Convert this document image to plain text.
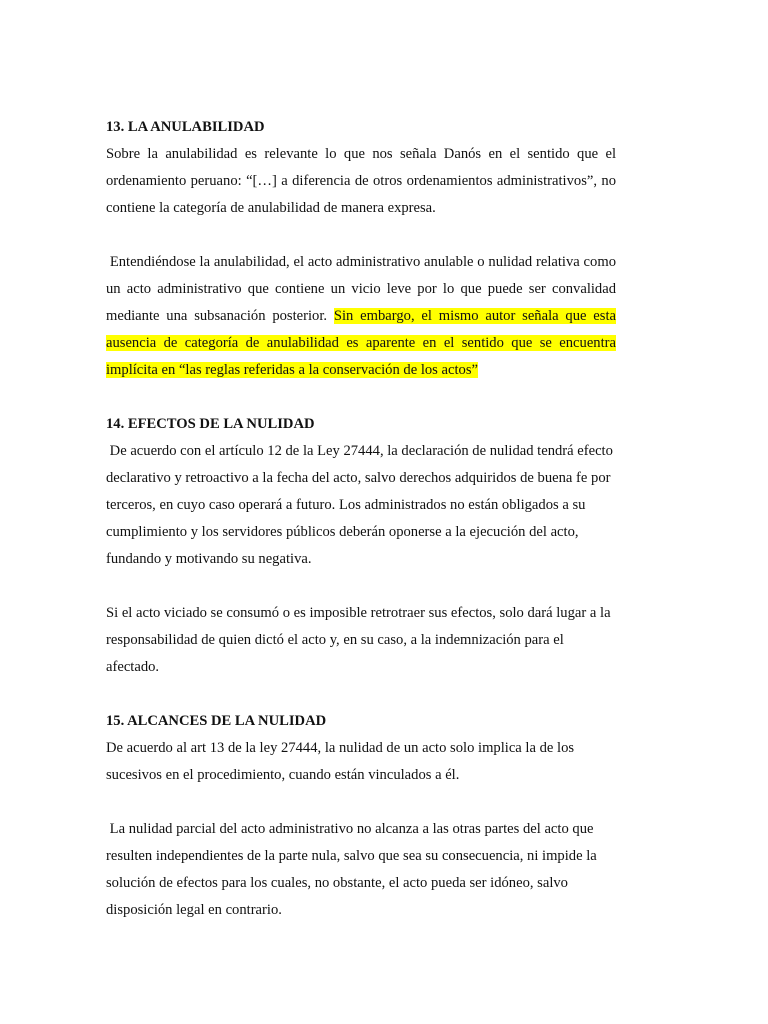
13. LA ANULABILIDAD

Sobre la anulabilidad es relevante lo que nos señala Danós en el sentido que el ordenamiento peruano: “[…] a diferencia de otros ordenamientos administrativos”, no contiene la categoría de anulabilidad de manera expresa.

Entendiéndose la anulabilidad, el acto administrativo anulable o nulidad relativa como un acto administrativo que contiene un vicio leve por lo que puede ser convalidad mediante una subsanación posterior. Sin embargo, el mismo autor señala que esta ausencia de categoría de anulabilidad es aparente en el sentido que se encuentra implícita en “las reglas referidas a la conservación de los actos”

14. EFECTOS DE LA NULIDAD

De acuerdo con el artículo 12 de la Ley 27444, la declaración de nulidad tendrá efecto declarativo y retroactivo a la fecha del acto, salvo derechos adquiridos de buena fe por terceros, en cuyo caso operará a futuro. Los administrados no están obligados a su cumplimiento y los servidores públicos deberán oponerse a la ejecución del acto, fundando y motivando su negativa.

Si el acto viciado se consumó o es imposible retrotraer sus efectos, solo dará lugar a la responsabilidad de quien dictó el acto y, en su caso, a la indemnización para el afectado.

15. ALCANCES DE LA NULIDAD

De acuerdo al art 13 de la ley 27444, la nulidad de un acto solo implica la de los sucesivos en el procedimiento, cuando están vinculados a él.

La nulidad parcial del acto administrativo no alcanza a las otras partes del acto que resulten independientes de la parte nula, salvo que sea su consecuencia, ni impide la solución de efectos para los cuales, no obstante, el acto pueda ser idóneo, salvo disposición legal en contrario.
